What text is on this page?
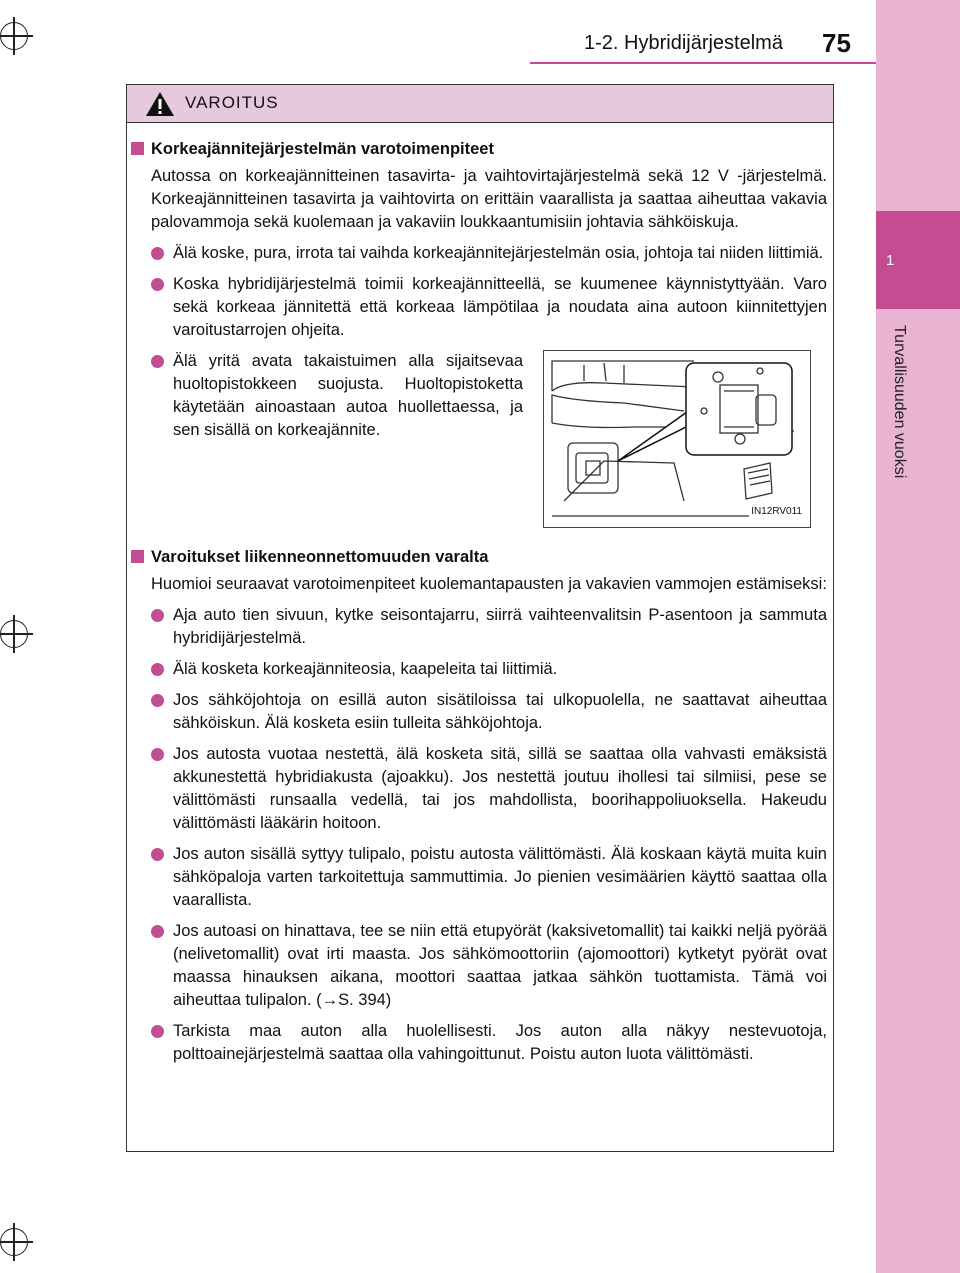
1-2. Hybridijärjestelmä 75
1
Turvallisuuden vuoksi
VAROITUS
Korkeajännitejärjestelmän varotoimenpiteet
Autossa on korkeajännitteinen tasavirta- ja vaihtovirtajärjestelmä sekä 12 V -järjestelmä. Korkeajännitteinen tasavirta ja vaihtovirta on erittäin vaarallista ja saattaa aiheuttaa vakavia palovammoja sekä kuolemaan ja vakaviin loukkaantumisiin johtavia sähköiskuja.
Älä koske, pura, irrota tai vaihda korkeajännitejärjestelmän osia, johtoja tai niiden liittimiä.
Koska hybridijärjestelmä toimii korkeajännitteellä, se kuumenee käynnistyttyään. Varo sekä korkeaa jännitettä että korkeaa lämpötilaa ja noudata aina autoon kiinnitettyjen varoitustarrojen ohjeita.
Älä yritä avata takaistuimen alla sijaitsevaa huoltopistokkeen suojusta. Huoltopistoketta käytetään ainoastaan autoa huollettaessa, ja sen sisällä on korkeajännite.
IN12RV011
Varoitukset liikenneonnettomuuden varalta
Huomioi seuraavat varotoimenpiteet kuolemantapausten ja vakavien vammojen estämiseksi:
Aja auto tien sivuun, kytke seisontajarru, siirrä vaihteenvalitsin P-asentoon ja sammuta hybridijärjestelmä.
Älä kosketa korkeajänniteosia, kaapeleita tai liittimiä.
Jos sähköjohtoja on esillä auton sisätiloissa tai ulkopuolella, ne saattavat aiheuttaa sähköiskun. Älä kosketa esiin tulleita sähköjohtoja.
Jos autosta vuotaa nestettä, älä kosketa sitä, sillä se saattaa olla vahvasti emäksistä akkunestettä hybridiakusta (ajoakku). Jos nestettä joutuu ihollesi tai silmiisi, pese se välittömästi runsaalla vedellä, tai jos mahdollista, boorihappoliuoksella. Hakeudu välittömästi lääkärin hoitoon.
Jos auton sisällä syttyy tulipalo, poistu autosta välittömästi. Älä koskaan käytä muita kuin sähköpaloja varten tarkoitettuja sammuttimia. Jo pienien vesimäärien käyttö saattaa olla vaarallista.
Jos autoasi on hinattava, tee se niin että etupyörät (kaksivetomallit) tai kaikki neljä pyörää (nelivetomallit) ovat irti maasta. Jos sähkömoottoriin (ajomoottori) kytketyt pyörät ovat maassa hinauksen aikana, moottori saattaa jatkaa sähkön tuottamista. Tämä voi aiheuttaa tulipalon. (→S. 394)
Tarkista maa auton alla huolellisesti. Jos auton alla näkyy nestevuotoja, polttoainejärjestelmä saattaa olla vahingoittunut. Poistu auton luota välittömästi.
